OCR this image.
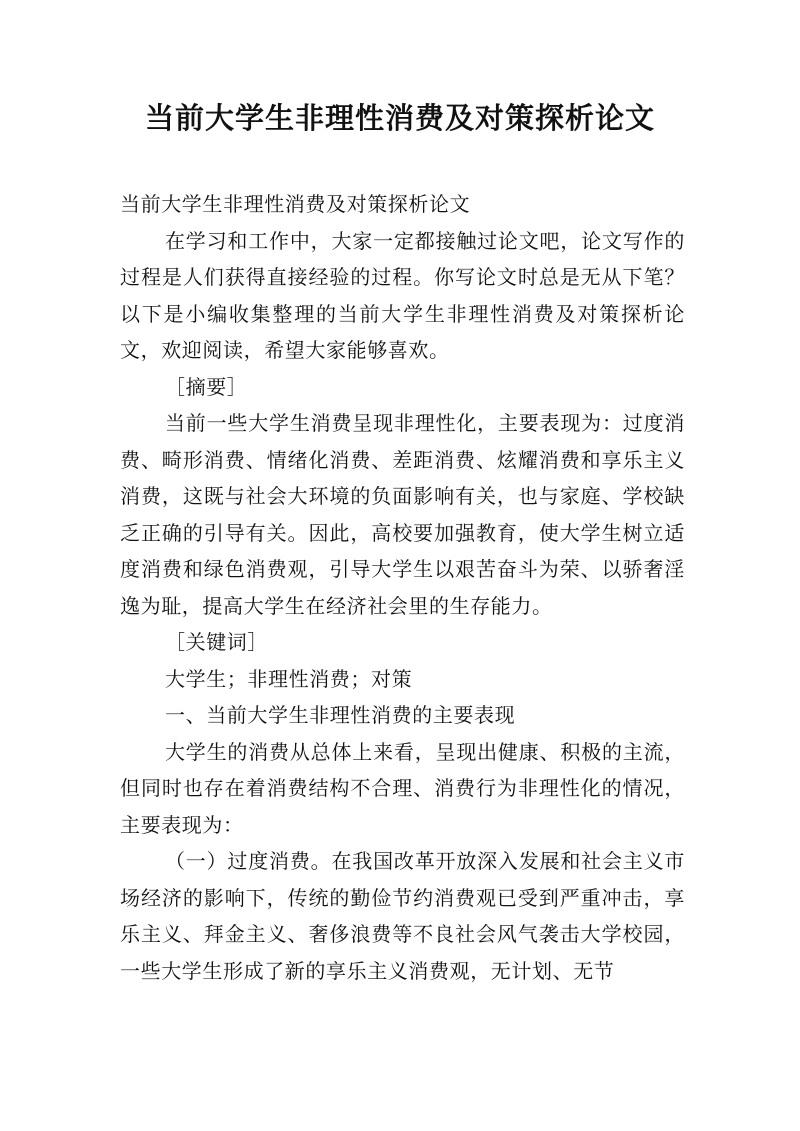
当前大学生非理性消费及对策探析论文

当前大学生非理性消费及对策探析论文

在学习和工作中，大家一定都接触过论文吧，论文写作的过程是人们获得直接经验的过程。你写论文时总是无从下笔？以下是小编收集整理的当前大学生非理性消费及对策探析论文，欢迎阅读，希望大家能够喜欢。

［摘要］

当前一些大学生消费呈现非理性化，主要表现为：过度消费、畸形消费、情绪化消费、差距消费、炫耀消费和享乐主义消费，这既与社会大环境的负面影响有关，也与家庭、学校缺乏正确的引导有关。因此，高校要加强教育，使大学生树立适度消费和绿色消费观，引导大学生以艰苦奋斗为荣、以骄奢淫逸为耻，提高大学生在经济社会里的生存能力。

［关键词］

大学生；非理性消费；对策

一、当前大学生非理性消费的主要表现

大学生的消费从总体上来看，呈现出健康、积极的主流，但同时也存在着消费结构不合理、消费行为非理性化的情况，主要表现为：

（一）过度消费。在我国改革开放深入发展和社会主义市场经济的影响下，传统的勤俭节约消费观已受到严重冲击，享乐主义、拜金主义、奢侈浪费等不良社会风气袭击大学校园，一些大学生形成了新的享乐主义消费观，无计划、无节
